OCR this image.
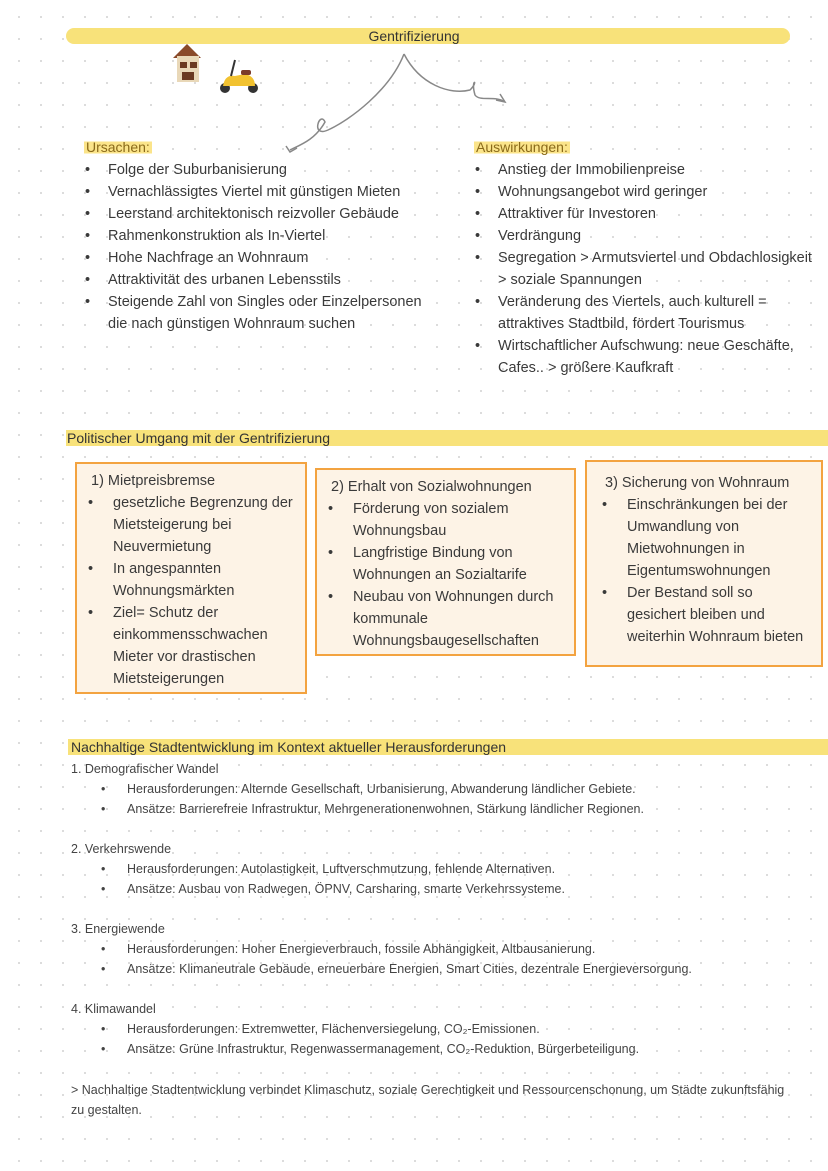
Gentrifizierung
Ursachen:
• Folge der Suburbanisierung
• Vernachlässigtes Viertel mit günstigen Mieten
• Leerstand architektonisch reizvoller Gebäude
• Rahmenkonstruktion als In-Viertel
• Hohe Nachfrage an Wohnraum
• Attraktivität des urbanen Lebensstils
• Steigende Zahl von Singles oder Einzelpersonen die nach günstigen Wohnraum suchen
Auswirkungen:
• Anstieg der Immobilienpreise
• Wohnungsangebot wird geringer
• Attraktiver für Investoren
• Verdrängung
• Segregation > Armutsviertel und Obdachlosigkeit > soziale Spannungen
• Veränderung des Viertels, auch kulturell = attraktives Stadtbild, fördert Tourismus
• Wirtschaftlicher Aufschwung: neue Geschäfte, Cafes.. > größere Kaufkraft
Politischer Umgang mit der Gentrifizierung
1) Mietpreisbremse
• gesetzliche Begrenzung der Mietsteigerung bei Neuvermietung
• In angespannten Wohnungsmärkten
• Ziel= Schutz der einkommensschwachen Mieter vor drastischen Mietsteigerungen
2) Erhalt von Sozialwohnungen
• Förderung von sozialem Wohnungsbau
• Langfristige Bindung von Wohnungen an Sozialtarife
• Neubau von Wohnungen durch kommunale Wohnungsbaugesellschaften
3) Sicherung von Wohnraum
• Einschränkungen bei der Umwandlung von Mietwohnungen in Eigentumswohnungen
• Der Bestand soll so gesichert bleiben und weiterhin Wohnraum bieten
Nachhaltige Stadtentwicklung im Kontext aktueller Herausforderungen
1. Demografischer Wandel
• Herausforderungen: Alternde Gesellschaft, Urbanisierung, Abwanderung ländlicher Gebiete.
• Ansätze: Barrierefreie Infrastruktur, Mehrgenerationenwohnen, Stärkung ländlicher Regionen.
2. Verkehrswende
• Herausforderungen: Autolastigkeit, Luftverschmutzung, fehlende Alternativen.
• Ansätze: Ausbau von Radwegen, ÖPNV, Carsharing, smarte Verkehrssysteme.
3. Energiewende
• Herausforderungen: Hoher Energieverbrauch, fossile Abhängigkeit, Altbausanierung.
• Ansätze: Klimaneutrale Gebäude, erneuerbare Energien, Smart Cities, dezentrale Energieversorgung.
4. Klimawandel
• Herausforderungen: Extremwetter, Flächenversiegelung, CO₂-Emissionen.
• Ansätze: Grüne Infrastruktur, Regenwassermanagement, CO₂-Reduktion, Bürgerbeteiligung.
> Nachhaltige Stadtentwicklung verbindet Klimaschutz, soziale Gerechtigkeit und Ressourcenschonung, um Städte zukunftsfähig zu gestalten.
